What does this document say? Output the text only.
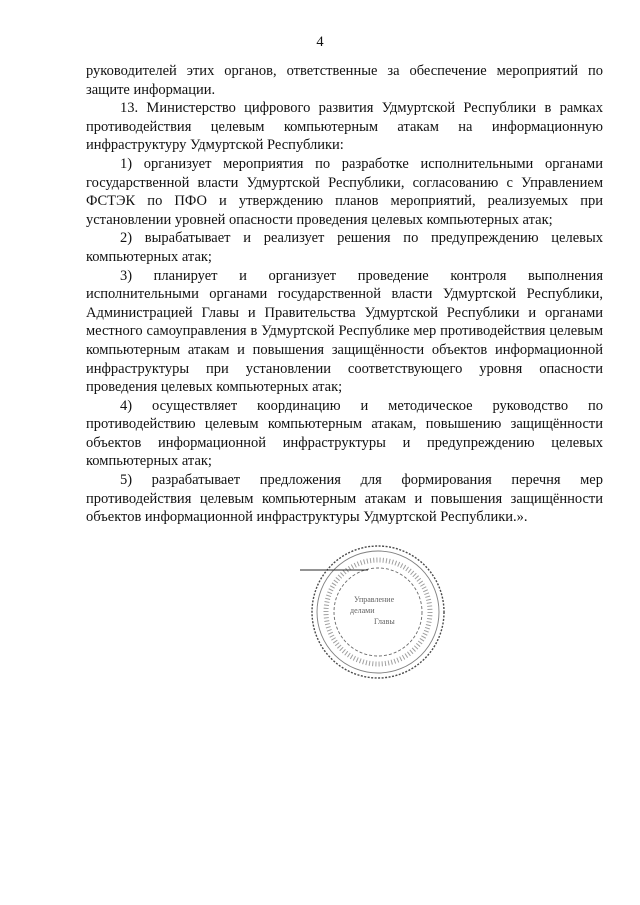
4

руководителей этих органов, ответственные за обеспечение мероприятий по защите информации.

13. Министерство цифрового развития Удмуртской Республики в рамках противодействия целевым компьютерным атакам на информационную инфраструктуру Удмуртской Республики:

1) организует мероприятия по разработке исполнительными органами государственной власти Удмуртской Республики, согласованию с Управлением ФСТЭК по ПФО и утверждению планов мероприятий, реализуемых при установлении уровней опасности проведения целевых компьютерных атак;

2) вырабатывает и реализует решения по предупреждению целевых компьютерных атак;

3) планирует и организует проведение контроля выполнения исполнительными органами государственной власти Удмуртской Республики, Администрацией Главы и Правительства Удмуртской Республики и органами местного самоуправления в Удмуртской Республике мер противодействия целевым компьютерным атакам и повышения защищённости объектов информационной инфраструктуры при установлении соответствующего уровня опасности проведения целевых компьютерных атак;

4) осуществляет координацию и методическое руководство по противодействию целевым компьютерным атакам, повышению защищённости объектов информационной инфраструктуры и предупреждению целевых компьютерных атак;

5) разрабатывает предложения для формирования перечня мер противодействия целевым компьютерным атакам и повышения защищённости объектов информационной инфраструктуры Удмуртской Республики.».

Управление
делами
Главы
